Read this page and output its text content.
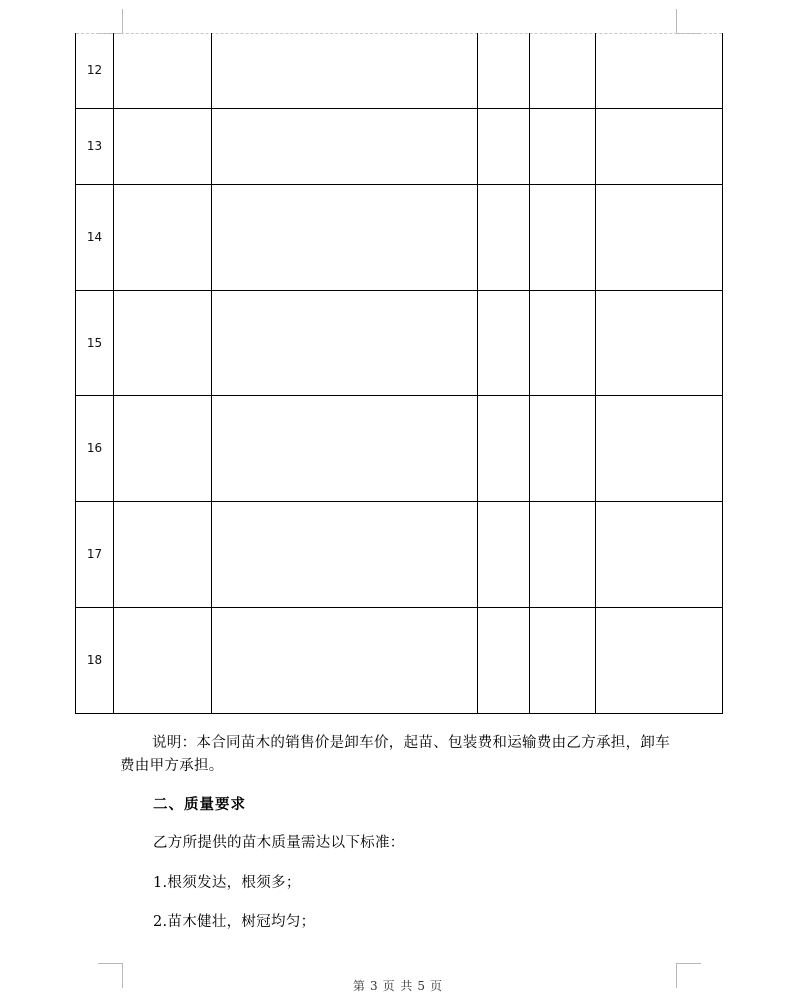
12					
13					
14					
15					
16					
17					
18					
说明：本合同苗木的销售价是卸车价，起苗、包装费和运输费由乙方承担，卸车费由甲方承担。
二、质量要求
乙方所提供的苗木质量需达以下标准：
1.根须发达，根须多；
2.苗木健壮，树冠均匀；
第 3 页 共 5 页
